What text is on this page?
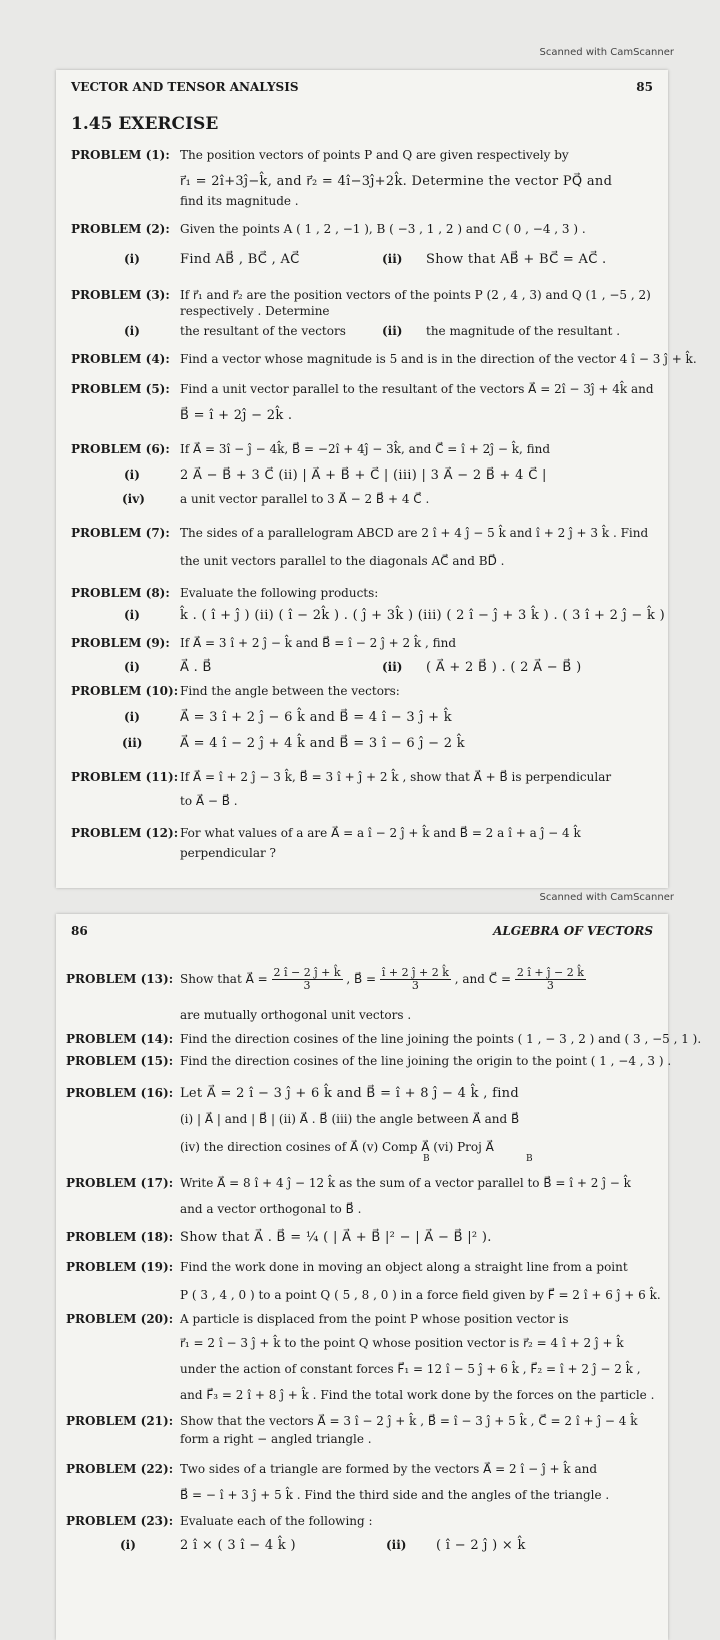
Scanned with CamScanner
Scanned with CamScanner
VECTOR AND TENSOR ANALYSIS	85
1.45 EXERCISE
PROBLEM (1): The position vectors of points P and Q are given respectively by
r⃗₁ = 2î+3ĵ−k̂, and r⃗₂ = 4î−3ĵ+2k̂. Determine the vector PQ⃗ and
find its magnitude .
PROBLEM (2): Given the points A ( 1 , 2 , −1 ), B ( −3 , 1 , 2 ) and C ( 0 , −4 , 3 ) .
(i)	Find AB⃗ , BC⃗ , AC⃗	(ii) Show that AB⃗ + BC⃗ = AC⃗ .
PROBLEM (3): If r⃗₁ and r⃗₂ are the position vectors of the points P (2 , 4 , 3) and Q (1 , −5 , 2)
respectively . Determine
(i)	the resultant of the vectors	(ii) the magnitude of the resultant .
PROBLEM (4): Find a vector whose magnitude is 5 and is in the direction of the vector 4 î − 3 ĵ + k̂.
PROBLEM (5): Find a unit vector parallel to the resultant of the vectors A⃗ = 2î − 3ĵ + 4k̂ and
B⃗ = î + 2ĵ − 2k̂ .
PROBLEM (6): If A⃗ = 3î − ĵ − 4k̂, B⃗ = −2î + 4ĵ − 3k̂, and C⃗ = î + 2ĵ − k̂, find
(i)	2 A⃗ − B⃗ + 3 C⃗ (ii) | A⃗ + B⃗ + C⃗ | (iii) | 3 A⃗ − 2 B⃗ + 4 C⃗ |
(iv)	a unit vector parallel to 3 A⃗ − 2 B⃗ + 4 C⃗ .
PROBLEM (7): The sides of a parallelogram ABCD are 2 î + 4 ĵ − 5 k̂ and î + 2 ĵ + 3 k̂ . Find
the unit vectors parallel to the diagonals AC⃗ and BD⃗ .
PROBLEM (8): Evaluate the following products:
(i)	k̂ . ( î + ĵ ) (ii) ( î − 2k̂ ) . ( ĵ + 3k̂ ) (iii) ( 2 î − ĵ + 3 k̂ ) . ( 3 î + 2 ĵ − k̂ )
PROBLEM (9): If A⃗ = 3 î + 2 ĵ − k̂ and B⃗ = î − 2 ĵ + 2 k̂ , find
(i)	A⃗ . B⃗	(ii) ( A⃗ + 2 B⃗ ) . ( 2 A⃗ − B⃗ )
PROBLEM (10): Find the angle between the vectors:
(i)	A⃗ = 3 î + 2 ĵ − 6 k̂ and B⃗ = 4 î − 3 ĵ + k̂
(ii)	A⃗ = 4 î − 2 ĵ + 4 k̂ and B⃗ = 3 î − 6 ĵ − 2 k̂
PROBLEM (11): If A⃗ = î + 2 ĵ − 3 k̂, B⃗ = 3 î + ĵ + 2 k̂ , show that A⃗ + B⃗ is perpendicular
to A⃗ − B⃗ .
PROBLEM (12): For what values of a are A⃗ = a î − 2 ĵ + k̂ and B⃗ = 2 a î + a ĵ − 4 k̂
perpendicular ?
86	ALGEBRA OF VECTORS
PROBLEM (13): Show that A⃗ = $\frac{2 î - 2 ĵ + k̂}{3}$ , B⃗ = $\frac{î + 2 ĵ + 2 k̂}{3}$ , and C⃗ = $\frac{2 î + ĵ - 2 k̂}{3}$
are mutually orthogonal unit vectors .
PROBLEM (14): Find the direction cosines of the line joining the points ( 1 , − 3 , 2 ) and ( 3 , −5 , 1 ).
PROBLEM (15): Find the direction cosines of the line joining the origin to the point ( 1 , −4 , 3 ) .
PROBLEM (16): Let A⃗ = 2 î − 3 ĵ + 6 k̂ and B⃗ = î + 8 ĵ − 4 k̂ , find
(i) | A⃗ | and | B⃗ | (ii) A⃗ . B⃗ (iii) the angle between A⃗ and B⃗
(iv) the direction cosines of A⃗ (v) Comp A⃗ (vi) Proj A⃗
B	B
PROBLEM (17): Write A⃗ = 8 î + 4 ĵ − 12 k̂ as the sum of a vector parallel to B⃗ = î + 2 ĵ − k̂
and a vector orthogonal to B⃗ .
PROBLEM (18): Show that A⃗ . B⃗ = ¼ ( | A⃗ + B⃗ |² − | A⃗ − B⃗ |² ).
PROBLEM (19): Find the work done in moving an object along a straight line from a point
P ( 3 , 4 , 0 ) to a point Q ( 5 , 8 , 0 ) in a force field given by F⃗ = 2 î + 6 ĵ + 6 k̂.
PROBLEM (20): A particle is displaced from the point P whose position vector is
r⃗₁ = 2 î − 3 ĵ + k̂ to the point Q whose position vector is r⃗₂ = 4 î + 2 ĵ + k̂
under the action of constant forces F⃗₁ = 12 î − 5 ĵ + 6 k̂ , F⃗₂ = î + 2 ĵ − 2 k̂ ,
and F⃗₃ = 2 î + 8 ĵ + k̂ . Find the total work done by the forces on the particle .
PROBLEM (21): Show that the vectors A⃗ = 3 î − 2 ĵ + k̂ , B⃗ = î − 3 ĵ + 5 k̂ , C⃗ = 2 î + ĵ − 4 k̂
form a right − angled triangle .
PROBLEM (22): Two sides of a triangle are formed by the vectors A⃗ = 2 î − ĵ + k̂ and
B⃗ = − î + 3 ĵ + 5 k̂ . Find the third side and the angles of the triangle .
PROBLEM (23): Evaluate each of the following :
(i)	2 î × ( 3 î − 4 k̂ )	(ii) ( î − 2 ĵ ) × k̂
